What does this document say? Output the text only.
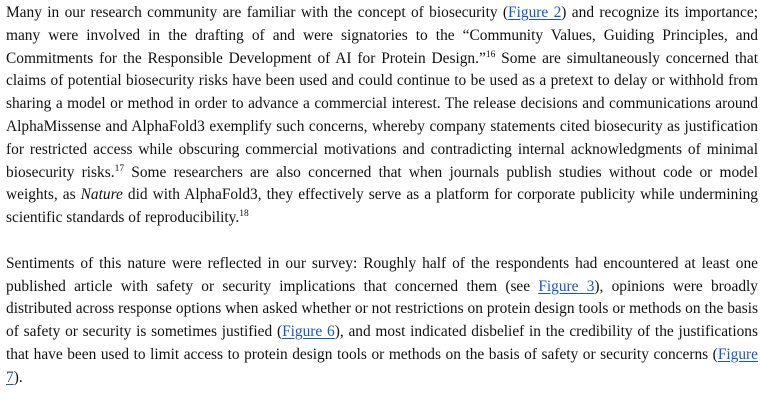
Many in our research community are familiar with the concept of biosecurity (Figure 2) and recognize its importance; many were involved in the drafting of and were signatories to the “Community Values, Guiding Principles, and Commitments for the Responsible Development of AI for Protein Design.”$^{16}$ Some are simultaneously concerned that claims of potential biosecurity risks have been used and could continue to be used as a pretext to delay or withhold from sharing a model or method in order to advance a commercial interest. The release decisions and communications around AlphaMissense and AlphaFold3 exemplify such concerns, whereby company statements cited biosecurity as justification for restricted access while obscuring commercial motivations and contradicting internal acknowledgments of minimal biosecurity risks.$^{17}$ Some researchers are also concerned that when journals publish studies without code or model weights, as Nature did with AlphaFold3, they effectively serve as a platform for corporate publicity while undermining scientific standards of reproducibility.$^{18}$

Sentiments of this nature were reflected in our survey: Roughly half of the respondents had encountered at least one published article with safety or security implications that concerned them (see Figure 3), opinions were broadly distributed across response options when asked whether or not restrictions on protein design tools or methods on the basis of safety or security is sometimes justified (Figure 6), and most indicated disbelief in the credibility of the justifications that have been used to limit access to protein design tools or methods on the basis of safety or security concerns (Figure 7).
